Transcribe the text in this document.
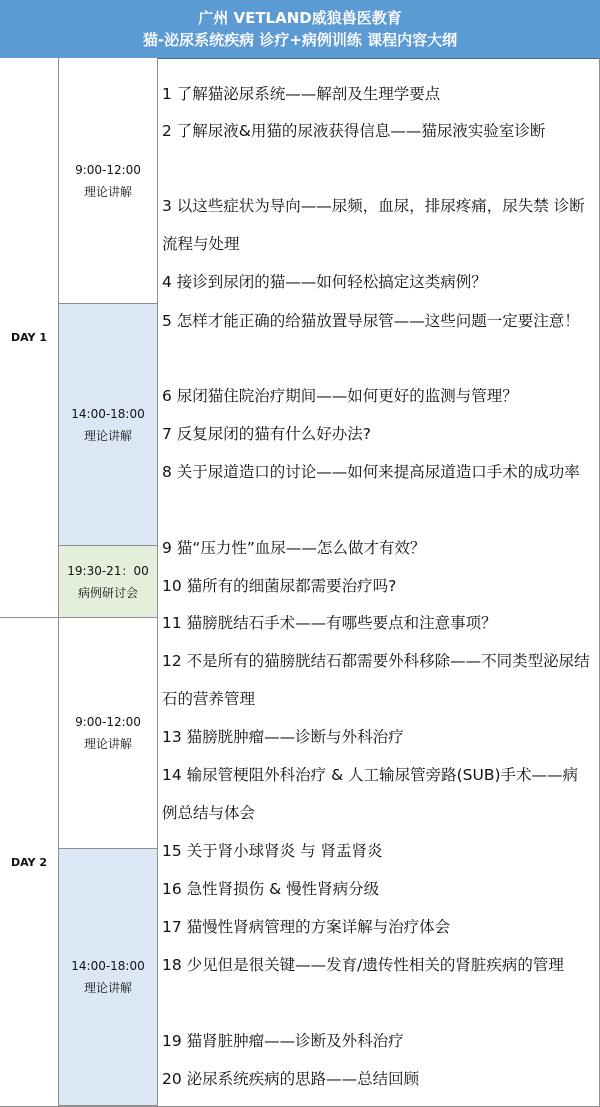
广州 VETLAND威狼兽医教育
猫-泌尿系统疾病 诊疗+病例训练 课程内容大纲
DAY 1
DAY 2
9:00-12:00
理论讲解
14:00-18:00
理论讲解
19:30-21：00
病例研讨会
9:00-12:00
理论讲解
14:00-18:00
理论讲解
1 了解猫泌尿系统——解剖及生理学要点
2 了解尿液&用猫的尿液获得信息——猫尿液实验室诊断
3 以这些症状为导向——尿频，血尿，排尿疼痛，尿失禁 诊断流程与处理
4 接诊到尿闭的猫——如何轻松搞定这类病例？
5 怎样才能正确的给猫放置导尿管——这些问题一定要注意！
6 尿闭猫住院治疗期间——如何更好的监测与管理？
7 反复尿闭的猫有什么好办法?
8 关于尿道造口的讨论——如何来提高尿道造口手术的成功率
9 猫“压力性”血尿——怎么做才有效？
10 猫所有的细菌尿都需要治疗吗?
11 猫膀胱结石手术——有哪些要点和注意事项？
12 不是所有的猫膀胱结石都需要外科移除——不同类型泌尿结石的营养管理
13 猫膀胱肿瘤——诊断与外科治疗
14 输尿管梗阻外科治疗 & 人工输尿管旁路(SUB)手术——病例总结与体会
15 关于肾小球肾炎 与 肾盂肾炎
16 急性肾损伤 & 慢性肾病分级
17 猫慢性肾病管理的方案详解与治疗体会
18 少见但是很关键——发育/遗传性相关的肾脏疾病的管理
19 猫肾脏肿瘤——诊断及外科治疗
20 泌尿系统疾病的思路——总结回顾
